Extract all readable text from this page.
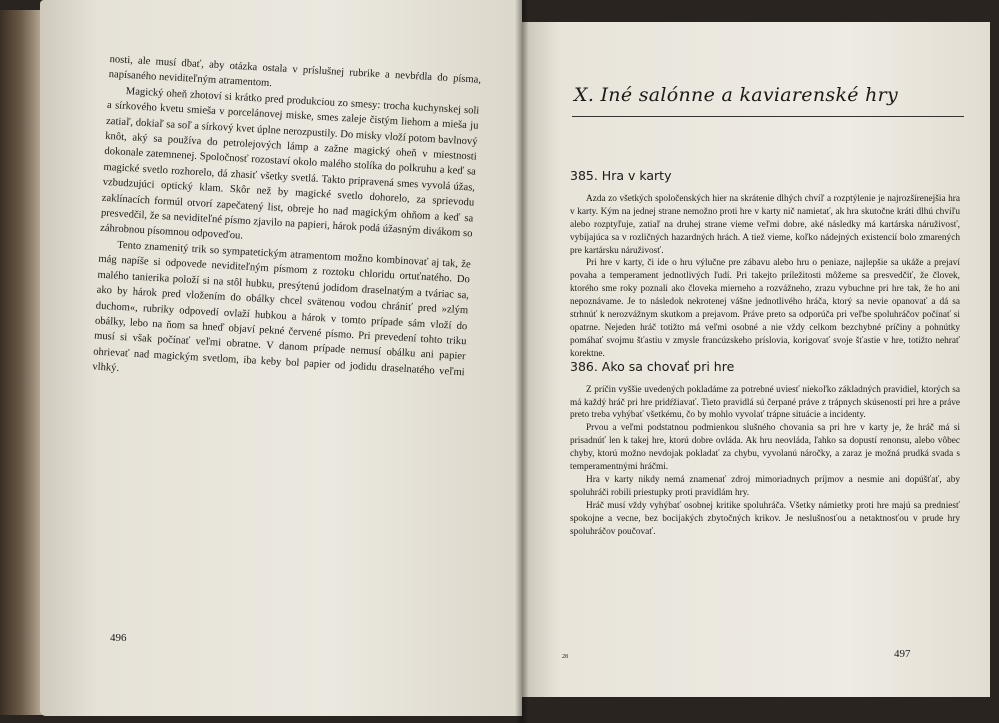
nosti, ale musí dbať, aby otázka ostala v príslušnej rubrike a nevbŕdla do písma, napísaného neviditeľným atramentom.

Magický oheň zhotoví si krátko pred produkciou zo smesy: trocha kuchynskej soli a sírkového kvetu smieša v porcelánovej miske, smes zaleje čistým liehom a mieša ju zatiaľ, dokiaľ sa soľ a sírkový kvet úplne nerozpustily. Do misky vloží potom bavlnový knôt, aký sa používa do petrolejových lámp a zažne magický oheň v miestnosti dokonale zatemnenej. Spoločnosť rozostaví okolo malého stolíka do polkruhu a keď sa magické svetlo rozhorelo, dá zhasiť všetky svetlá. Takto pripravená smes vyvolá úžas, vzbudzujúci optický klam. Skôr než by magické svetlo dohorelo, za sprievodu zaklínacích formúl otvorí zapečatený list, obreje ho nad magickým ohňom a keď sa presvedčil, že sa neviditeľné písmo zjavilo na papieri, hárok podá úžasným divákom so záhrobnou písomnou odpoveďou.

Tento znamenitý trik so sympatetickým atramentom možno kombinovať aj tak, že mág napíše si odpovede neviditeľným písmom z roztoku chloridu ortuťnatého. Do malého tanierika položí si na stôl hubku, presýtenú jodidom draselnatým a tváriac sa, ako by hárok pred vložením do obálky chcel svätenou vodou chrániť pred »zlým duchom«, rubriky odpovedí ovlaží hubkou a hárok v tomto prípade sám vloží do obálky, lebo na ňom sa hneď objaví pekné červené písmo. Pri prevedení tohto triku musí si však počínať veľmi obratne. V danom prípade nemusí obálku ani papier ohrievať nad magickým svetlom, iba keby bol papier od jodidu draselnatého veľmi vlhký.

496
X. Iné salónne a kaviarenské hry
385. Hra v karty

Azda zo všetkých spoločenských hier na skrátenie dlhých chvíľ a rozptýlenie je najrozšírenejšia hra v karty. Kým na jednej strane nemožno proti hre v karty nič namietať, ak hra skutočne kráti dlhú chvíľu alebo rozptyľuje, zatiaľ na druhej strane vieme veľmi dobre, aké následky má kartárska náruživosť, vybíjajúca sa v rozličných hazardných hrách. A tiež vieme, koľko nádejných existencií bolo zmarených pre kartársku náruživosť.

Pri hre v karty, či ide o hru výlučne pre zábavu alebo hru o peniaze, najlepšie sa ukáže a prejaví povaha a temperament jednotlivých ľudí. Pri takejto príležitosti môžeme sa presvedčiť, že človek, ktorého sme roky poznali ako človeka mierneho a rozvážneho, zrazu vybuchne pri hre tak, že ho ani nepoznávame. Je to následok nekrotenej vášne jednotlivého hráča, ktorý sa nevie opanovať a dá sa strhnúť k nerozvážnym skutkom a prejavom. Práve preto sa odporúča pri veľbe spoluhráčov počínať si opatrne. Nejeden hráč totižto má veľmi osobné a nie vždy celkom bezchybné príčiny a pohnútky pomáhať svojmu šťastiu v zmysle francúzskeho príslovia, korigovať svoje šťastie v hre, totižto nehrať korektne.

386. Ako sa chovať pri hre

Z príčin vyššie uvedených pokladáme za potrebné uviesť niekoľko základných pravidiel, ktorých sa má každý hráč pri hre pridŕžiavať. Tieto pravidlá sú čerpané práve z trápnych skúseností pri hre a práve preto treba vyhýbať všetkému, čo by mohlo vyvolať trápne situácie a incidenty.

Prvou a veľmi podstatnou podmienkou slušného chovania sa pri hre v karty je, že hráč má si prisadnúť len k takej hre, ktorú dobre ovláda. Ak hru neovláda, ľahko sa dopustí renonsu, alebo vôbec chyby, ktorú možno nevdojak pokladať za chybu, vyvolanú náročky, a zaraz je možná prudká svada s temperamentnými hráčmi.

Hra v karty nikdy nemá znamenať zdroj mimoriadnych príjmov a nesmie ani dopúšťať, aby spoluhráči robili priestupky proti pravidlám hry.

Hráč musí vždy vyhýbať osobnej kritike spoluhráča. Všetky námietky proti hre majú sa predniesť spokojne a vecne, bez bocijakých zbytočných krikov. Je neslušnosťou a netaktnosťou v prude hry spoluhráčov poučovať.

28	497
